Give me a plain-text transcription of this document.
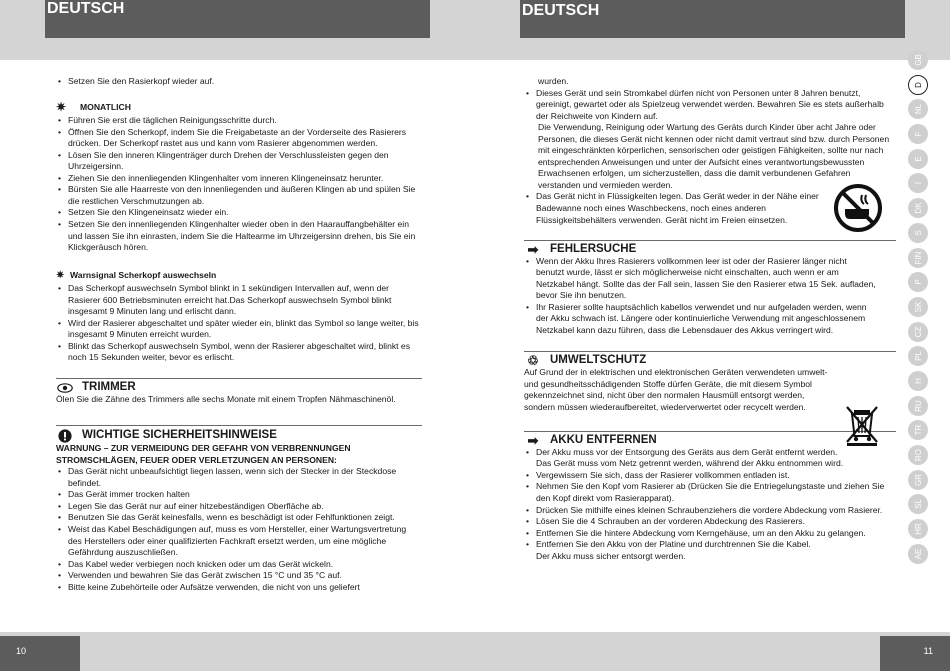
DEUTSCH	DEUTSCH
10	11
• Setzen Sie den Rasierkopf wieder auf.
✷	MONATLICH
• Führen Sie erst die täglichen Reinigungsschritte durch.
• Öffnen Sie den Scherkopf, indem Sie die Freigabetaste an der Vorderseite des Rasierers drücken. Der Scherkopf rastet aus und kann vom Rasierer abgenommen werden.
• Lösen Sie den inneren Klingenträger durch Drehen der Verschlussleisten gegen den Uhrzeigersinn.
• Ziehen Sie den innenliegenden Klingenhalter vom inneren Klingeneinsatz herunter.
• Bürsten Sie alle Haarreste von den innenliegenden und äußeren Klingen ab und spülen Sie die restlichen Verschmutzungen ab.
• Setzen Sie den Klingeneinsatz wieder ein.
• Setzen Sie den innenliegenden Klingenhalter wieder oben in den Haarauffangbehälter ein und lassen Sie ihn einrasten, indem Sie die Haltearme im Uhrzeigersinn drehen, bis Sie ein Klickgeräusch hören.
✷ Warnsignal Scherkopf auswechseln
• Das Scherkopf auswechseln Symbol blinkt in 1 sekündigen Intervallen auf, wenn der Rasierer 600 Betriebsminuten erreicht hat.Das Scherkopf auswechseln Symbol blinkt insgesamt 9 Minuten lang und erlischt dann.
• Wird der Rasierer abgeschaltet und später wieder ein, blinkt das Symbol so lange weiter, bis insgesamt 9 Minuten erreicht wurden.
• Blinkt das Scherkopf auswechseln Symbol, wenn der Rasierer abgeschaltet wird, blinkt es noch 15 Sekunden weiter, bevor es erlischt.
TRIMMER

Ölen Sie die Zähne des Trimmers alle sechs Monate mit einem Tropfen Nähmaschinenöl.

WICHTIGE SICHERHEITSHINWEISE
WARNUNG – ZUR VERMEIDUNG DER GEFAHR VON VERBRENNUNGEN
STROMSCHLÄGEN, FEUER ODER VERLETZUNGEN AN PERSONEN:
• Das Gerät nicht unbeaufsichtigt liegen lassen, wenn sich der Stecker in der Steckdose befindet.
• Das Gerät immer trocken halten
• Legen Sie das Gerät nur auf einer hitzebeständigen Oberfläche ab.
• Benutzen Sie das Gerät keinesfalls, wenn es beschädigt ist oder Fehlfunktionen zeigt.
• Weist das Kabel Beschädigungen auf, muss es vom Hersteller, einer Wartungsvertretung des Herstellers oder einer qualifizierten Fachkraft ersetzt werden, um eine mögliche Gefährdung auszuschließen.
• Das Kabel weder verbiegen noch knicken oder um das Gerät wickeln.
• Verwenden und bewahren Sie das Gerät zwischen 15 °C und 35 °C auf.
• Bitte keine Zubehörteile oder Aufsätze verwenden, die nicht von uns geliefert
wurden.
• Dieses Gerät und sein Stromkabel dürfen nicht von Personen unter 8 Jahren benutzt, gereinigt, gewartet oder als Spielzeug verwendet werden. Bewahren Sie es stets außerhalb der Reichweite von Kindern auf.

Die Verwendung, Reinigung oder Wartung des Geräts durch Kinder über acht Jahre oder Personen, die dieses Gerät nicht kennen oder nicht damit vertraut sind bzw. durch Personen mit eingeschränkten körperlichen, sensorischen oder geistigen Fähigkeiten, sollte nur nach entsprechenden Anweisungen und unter der Aufsicht eines verantwortungsbewussten Erwachsenen erfolgen, um sicherzustellen, dass die damit verbundenen Gefahren verstanden und vermieden werden.

• Das Gerät nicht in Flüssigkeiten legen. Das Gerät weder in der Nähe einer Badewanne noch eines Waschbeckens, noch eines anderen Flüssigkeitsbehälters verwenden. Gerät nicht im Freien einsetzen.
➡	FEHLERSUCHE
• Wenn der Akku Ihres Rasierers vollkommen leer ist oder der Rasierer länger nicht benutzt wurde, lässt er sich möglicherweise nicht einschalten, auch wenn er am Netzkabel hängt. Sollte das der Fall sein, lassen Sie den Rasierer etwa 15 Sek. aufladen, bevor Sie ihn benutzen.
• Ihr Rasierer sollte hauptsächlich kabellos verwendet und nur aufgeladen werden, wenn der Akku schwach ist. Längere oder kontinuierliche Verwendung mit angeschlossenem Netzkabel kann dazu führen, dass die Lebensdauer des Akkus verringert wird.
♲ UMWELTSCHUTZ

Auf Grund der in elektrischen und elektronischen Geräten verwendeten umwelt- und gesundheitsschädigenden Stoffe dürfen Geräte, die mit diesem Symbol gekennzeichnet sind, nicht über den normalen Hausmüll entsorgt werden, sondern müssen wiederaufbereitet, wiederverwertet oder recycelt werden.

➡	AKKU ENTFERNEN
• Der Akku muss vor der Entsorgung des Geräts aus dem Gerät entfernt werden.
Das Gerät muss vom Netz getrennt werden, während der Akku entnommen wird.
• Vergewissern Sie sich, dass der Rasierer vollkommen entladen ist.
• Nehmen Sie den Kopf vom Rasierer ab (Drücken Sie die Entriegelungstaste und ziehen Sie den Kopf direkt vom Rasierapparat).
• Drücken Sie mithilfe eines kleinen Schraubenziehers die vordere Abdeckung vom Rasierer.
• Lösen Sie die 4 Schrauben an der vorderen Abdeckung des Rasierers.
• Entfernen Sie die hintere Abdeckung vom Kerngehäuse, um an den Akku zu gelangen.
• Entfernen Sie den Akku von der Platine und durchtrennen Sie die Kabel.
Der Akku muss sicher entsorgt werden.
GB
D
NL
F
E
I
DK
S
FIN
P
SK
CZ
PL
H
RU
TR
RO
GR
SL
HR
AE
